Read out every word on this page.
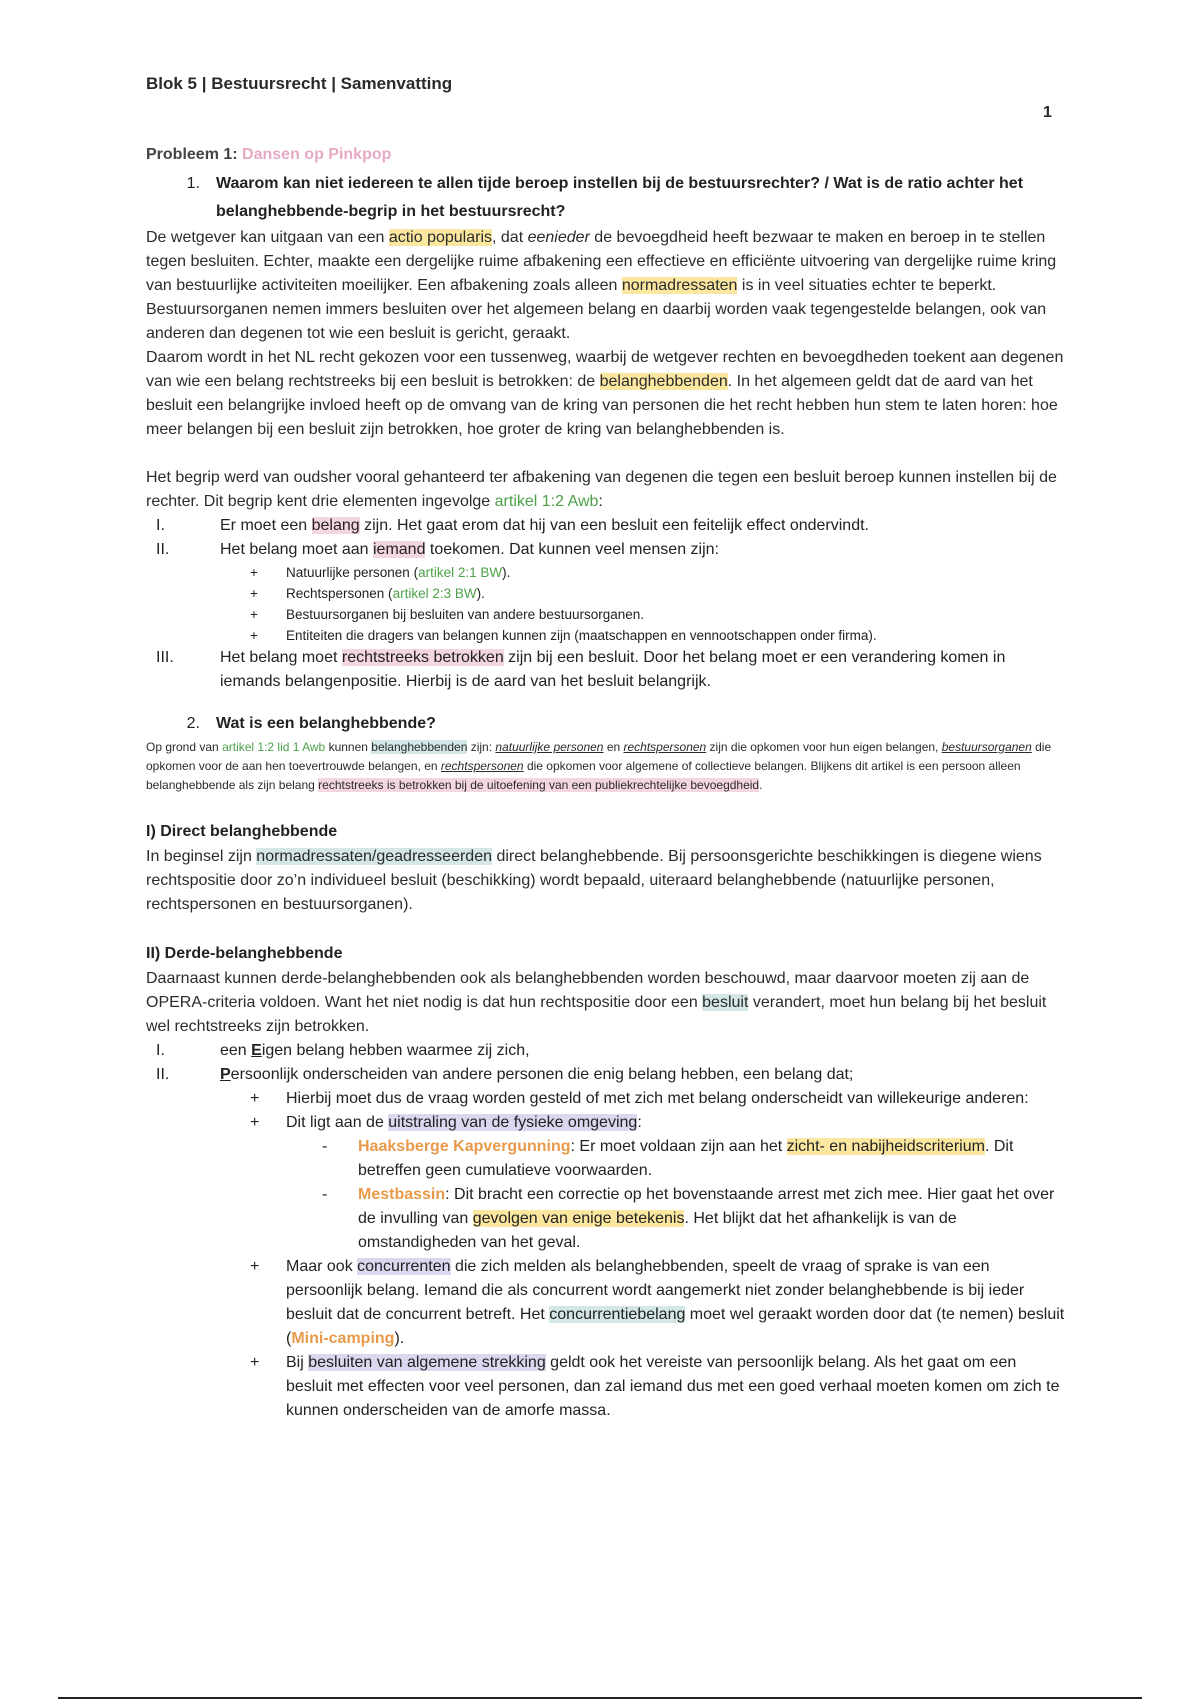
Blok 5 | Bestuursrecht | Samenvatting
1
Probleem 1: Dansen op Pinkpop
1.	Waarom kan niet iedereen te allen tijde beroep instellen bij de bestuursrechter? / Wat is de ratio achter het belanghebbende-begrip in het bestuursrecht?

De wetgever kan uitgaan van een actio popularis, dat eenieder de bevoegdheid heeft bezwaar te maken en beroep in te stellen tegen besluiten. Echter, maakte een dergelijke ruime afbakening een effectieve en efficiënte uitvoering van dergelijke ruime kring van bestuurlijke activiteiten moeilijker. Een afbakening zoals alleen normadressaten is in veel situaties echter te beperkt. Bestuursorganen nemen immers besluiten over het algemeen belang en daarbij worden vaak tegengestelde belangen, ook van anderen dan degenen tot wie een besluit is gericht, geraakt.

Daarom wordt in het NL recht gekozen voor een tussenweg, waarbij de wetgever rechten en bevoegdheden toekent aan degenen van wie een belang rechtstreeks bij een besluit is betrokken: de belanghebbenden. In het algemeen geldt dat de aard van het besluit een belangrijke invloed heeft op de omvang van de kring van personen die het recht hebben hun stem te laten horen: hoe meer belangen bij een besluit zijn betrokken, hoe groter de kring van belanghebbenden is.

Het begrip werd van oudsher vooral gehanteerd ter afbakening van degenen die tegen een besluit beroep kunnen instellen bij de rechter. Dit begrip kent drie elementen ingevolge artikel 1:2 Awb:

I.	Er moet een belang zijn. Het gaat erom dat hij van een besluit een feitelijk effect ondervindt.
II.	Het belang moet aan iemand toekomen. Dat kunnen veel mensen zijn:
+	Natuurlijke personen (artikel 2:1 BW).
+	Rechtspersonen (artikel 2:3 BW).
+	Bestuursorganen bij besluiten van andere bestuursorganen.
+	Entiteiten die dragers van belangen kunnen zijn (maatschappen en vennootschappen onder firma).
III.	Het belang moet rechtstreeks betrokken zijn bij een besluit. Door het belang moet er een verandering komen in iemands belangenpositie. Hierbij is de aard van het besluit belangrijk.
2.	Wat is een belanghebbende?

Op grond van artikel 1:2 lid 1 Awb kunnen belanghebbenden zijn: natuurlijke personen en rechtspersonen zijn die opkomen voor hun eigen belangen, bestuursorganen die opkomen voor de aan hen toevertrouwde belangen, en rechtspersonen die opkomen voor algemene of collectieve belangen. Blijkens dit artikel is een persoon alleen belanghebbende als zijn belang rechtstreeks is betrokken bij de uitoefening van een publiekrechtelijke bevoegdheid.

I) Direct belanghebbende

In beginsel zijn normadressaten/geadresseerden direct belanghebbende. Bij persoonsgerichte beschikkingen is diegene wiens rechtspositie door zo’n individueel besluit (beschikking) wordt bepaald, uiteraard belanghebbende (natuurlijke personen, rechtspersonen en bestuursorganen).

II) Derde-belanghebbende

Daarnaast kunnen derde-belanghebbenden ook als belanghebbenden worden beschouwd, maar daarvoor moeten zij aan de OPERA-criteria voldoen. Want het niet nodig is dat hun rechtspositie door een besluit verandert, moet hun belang bij het besluit wel rechtstreeks zijn betrokken.

I.	een Eigen belang hebben waarmee zij zich,
II.	Persoonlijk onderscheiden van andere personen die enig belang hebben, een belang dat;
+	Hierbij moet dus de vraag worden gesteld of met zich met belang onderscheidt van willekeurige anderen:
+	Dit ligt aan de uitstraling van de fysieke omgeving:
-	Haaksberge Kapvergunning: Er moet voldaan zijn aan het zicht- en nabijheidscriterium. Dit betreffen geen cumulatieve voorwaarden.
-	Mestbassin: Dit bracht een correctie op het bovenstaande arrest met zich mee. Hier gaat het over de invulling van gevolgen van enige betekenis. Het blijkt dat het afhankelijk is van de omstandigheden van het geval.
+	Maar ook concurrenten die zich melden als belanghebbenden, speelt de vraag of sprake is van een persoonlijk belang. Iemand die als concurrent wordt aangemerkt niet zonder belanghebbende is bij ieder besluit dat de concurrent betreft. Het concurrentiebelang moet wel geraakt worden door dat (te nemen) besluit (Mini-camping).
+	Bij besluiten van algemene strekking geldt ook het vereiste van persoonlijk belang. Als het gaat om een besluit met effecten voor veel personen, dan zal iemand dus met een goed verhaal moeten komen om zich te kunnen onderscheiden van de amorfe massa.
